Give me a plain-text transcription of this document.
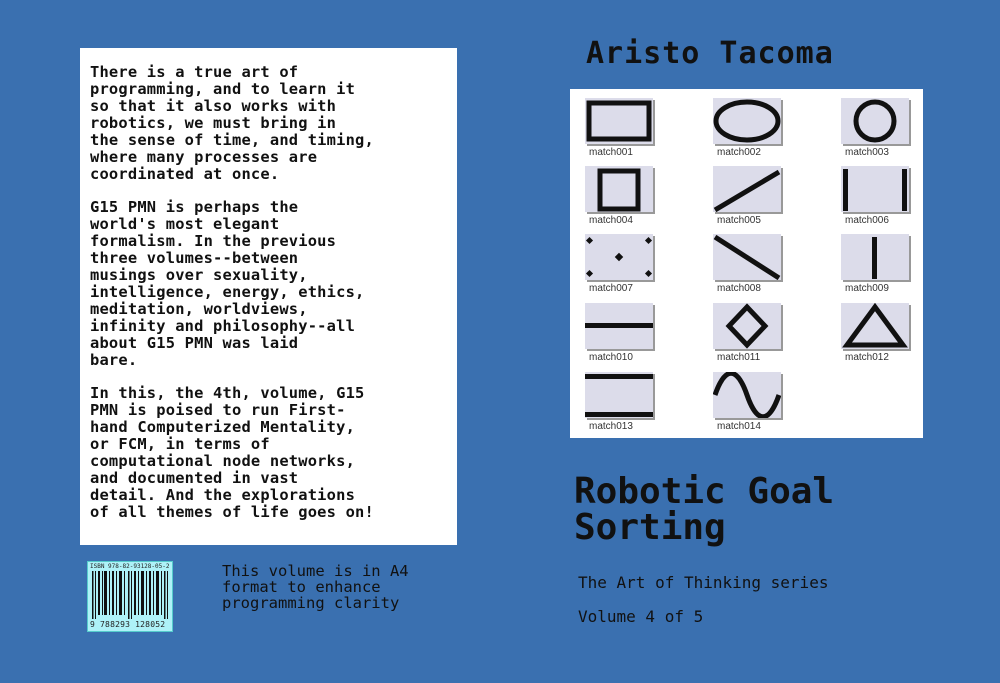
There is a true art of
programming, and to learn it
so that it also works with
robotics, we must bring in
the sense of time, and timing,
where many processes are
coordinated at once.

G15 PMN is perhaps the
world's most elegant
formalism. In the previous
three volumes--between
musings over sexuality,
intelligence, energy, ethics,
meditation, worldviews,
infinity and philosophy--all
about G15 PMN was laid
bare.

In this, the 4th, volume, G15
PMN is poised to run First-
hand Computerized Mentality,
or FCM, in terms of
computational node networks,
and documented in vast
detail. And the explorations
of all themes of life goes on!

ISBN 978-82-93128-05-2
9 788293 128052
This volume is in A4
format to enhance
programming clarity
Aristo Tacoma
match001	match002	match003
match004	match005	match006
match007	match008	match009
match010	match011	match012
match013	match014
Robotic Goal
Sorting
The Art of Thinking series
Volume 4 of 5
